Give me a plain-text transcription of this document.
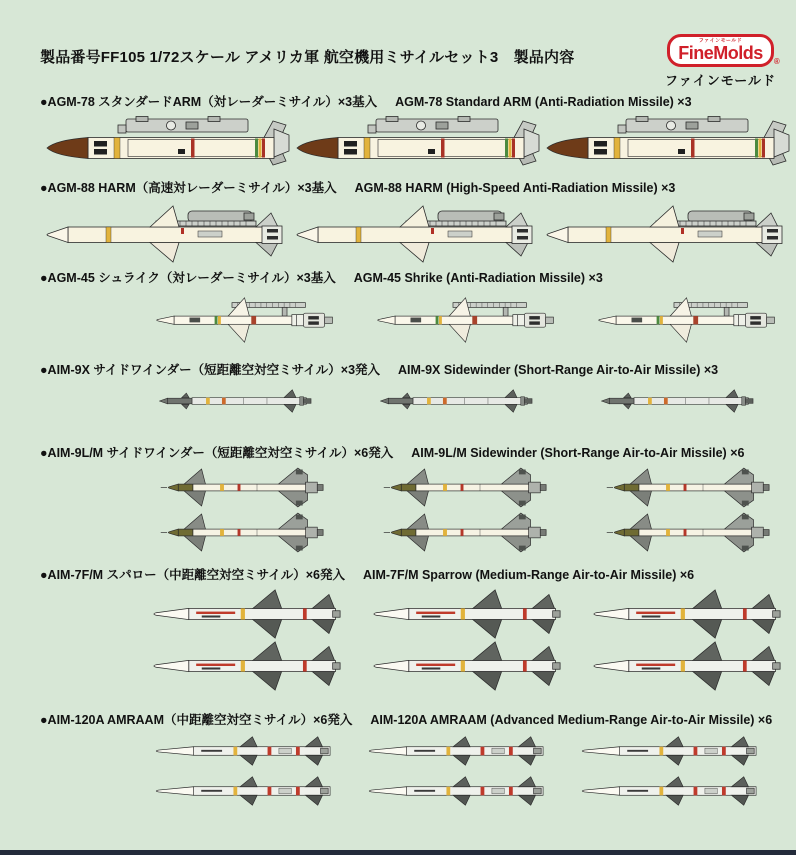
製品番号FF105 1/72スケール アメリカ軍 航空機用ミサイルセット3　製品内容
ファインモールド
FineMolds ®
ファインモールド
●AGM-78 スタンダードARM（対レーダーミサイル）×3基入 AGM-78 Standard ARM (Anti-Radiation Missile) ×3
●AGM-88 HARM（高速対レーダーミサイル）×3基入 AGM-88 HARM (High-Speed Anti-Radiation Missile) ×3
●AGM-45 シュライク（対レーダーミサイル）×3基入 AGM-45 Shrike (Anti-Radiation Missile) ×3
●AIM-9X サイドワインダー（短距離空対空ミサイル）×3発入 AIM-9X Sidewinder (Short-Range Air-to-Air Missile) ×3
●AIM-9L/M サイドワインダー（短距離空対空ミサイル）×6発入 AIM-9L/M Sidewinder (Short-Range Air-to-Air Missile) ×6
●AIM-7F/M スパロー（中距離空対空ミサイル）×6発入 AIM-7F/M Sparrow (Medium-Range Air-to-Air Missile) ×6
●AIM-120A AMRAAM（中距離空対空ミサイル）×6発入 AIM-120A AMRAAM (Advanced Medium-Range Air-to-Air Missile) ×6
